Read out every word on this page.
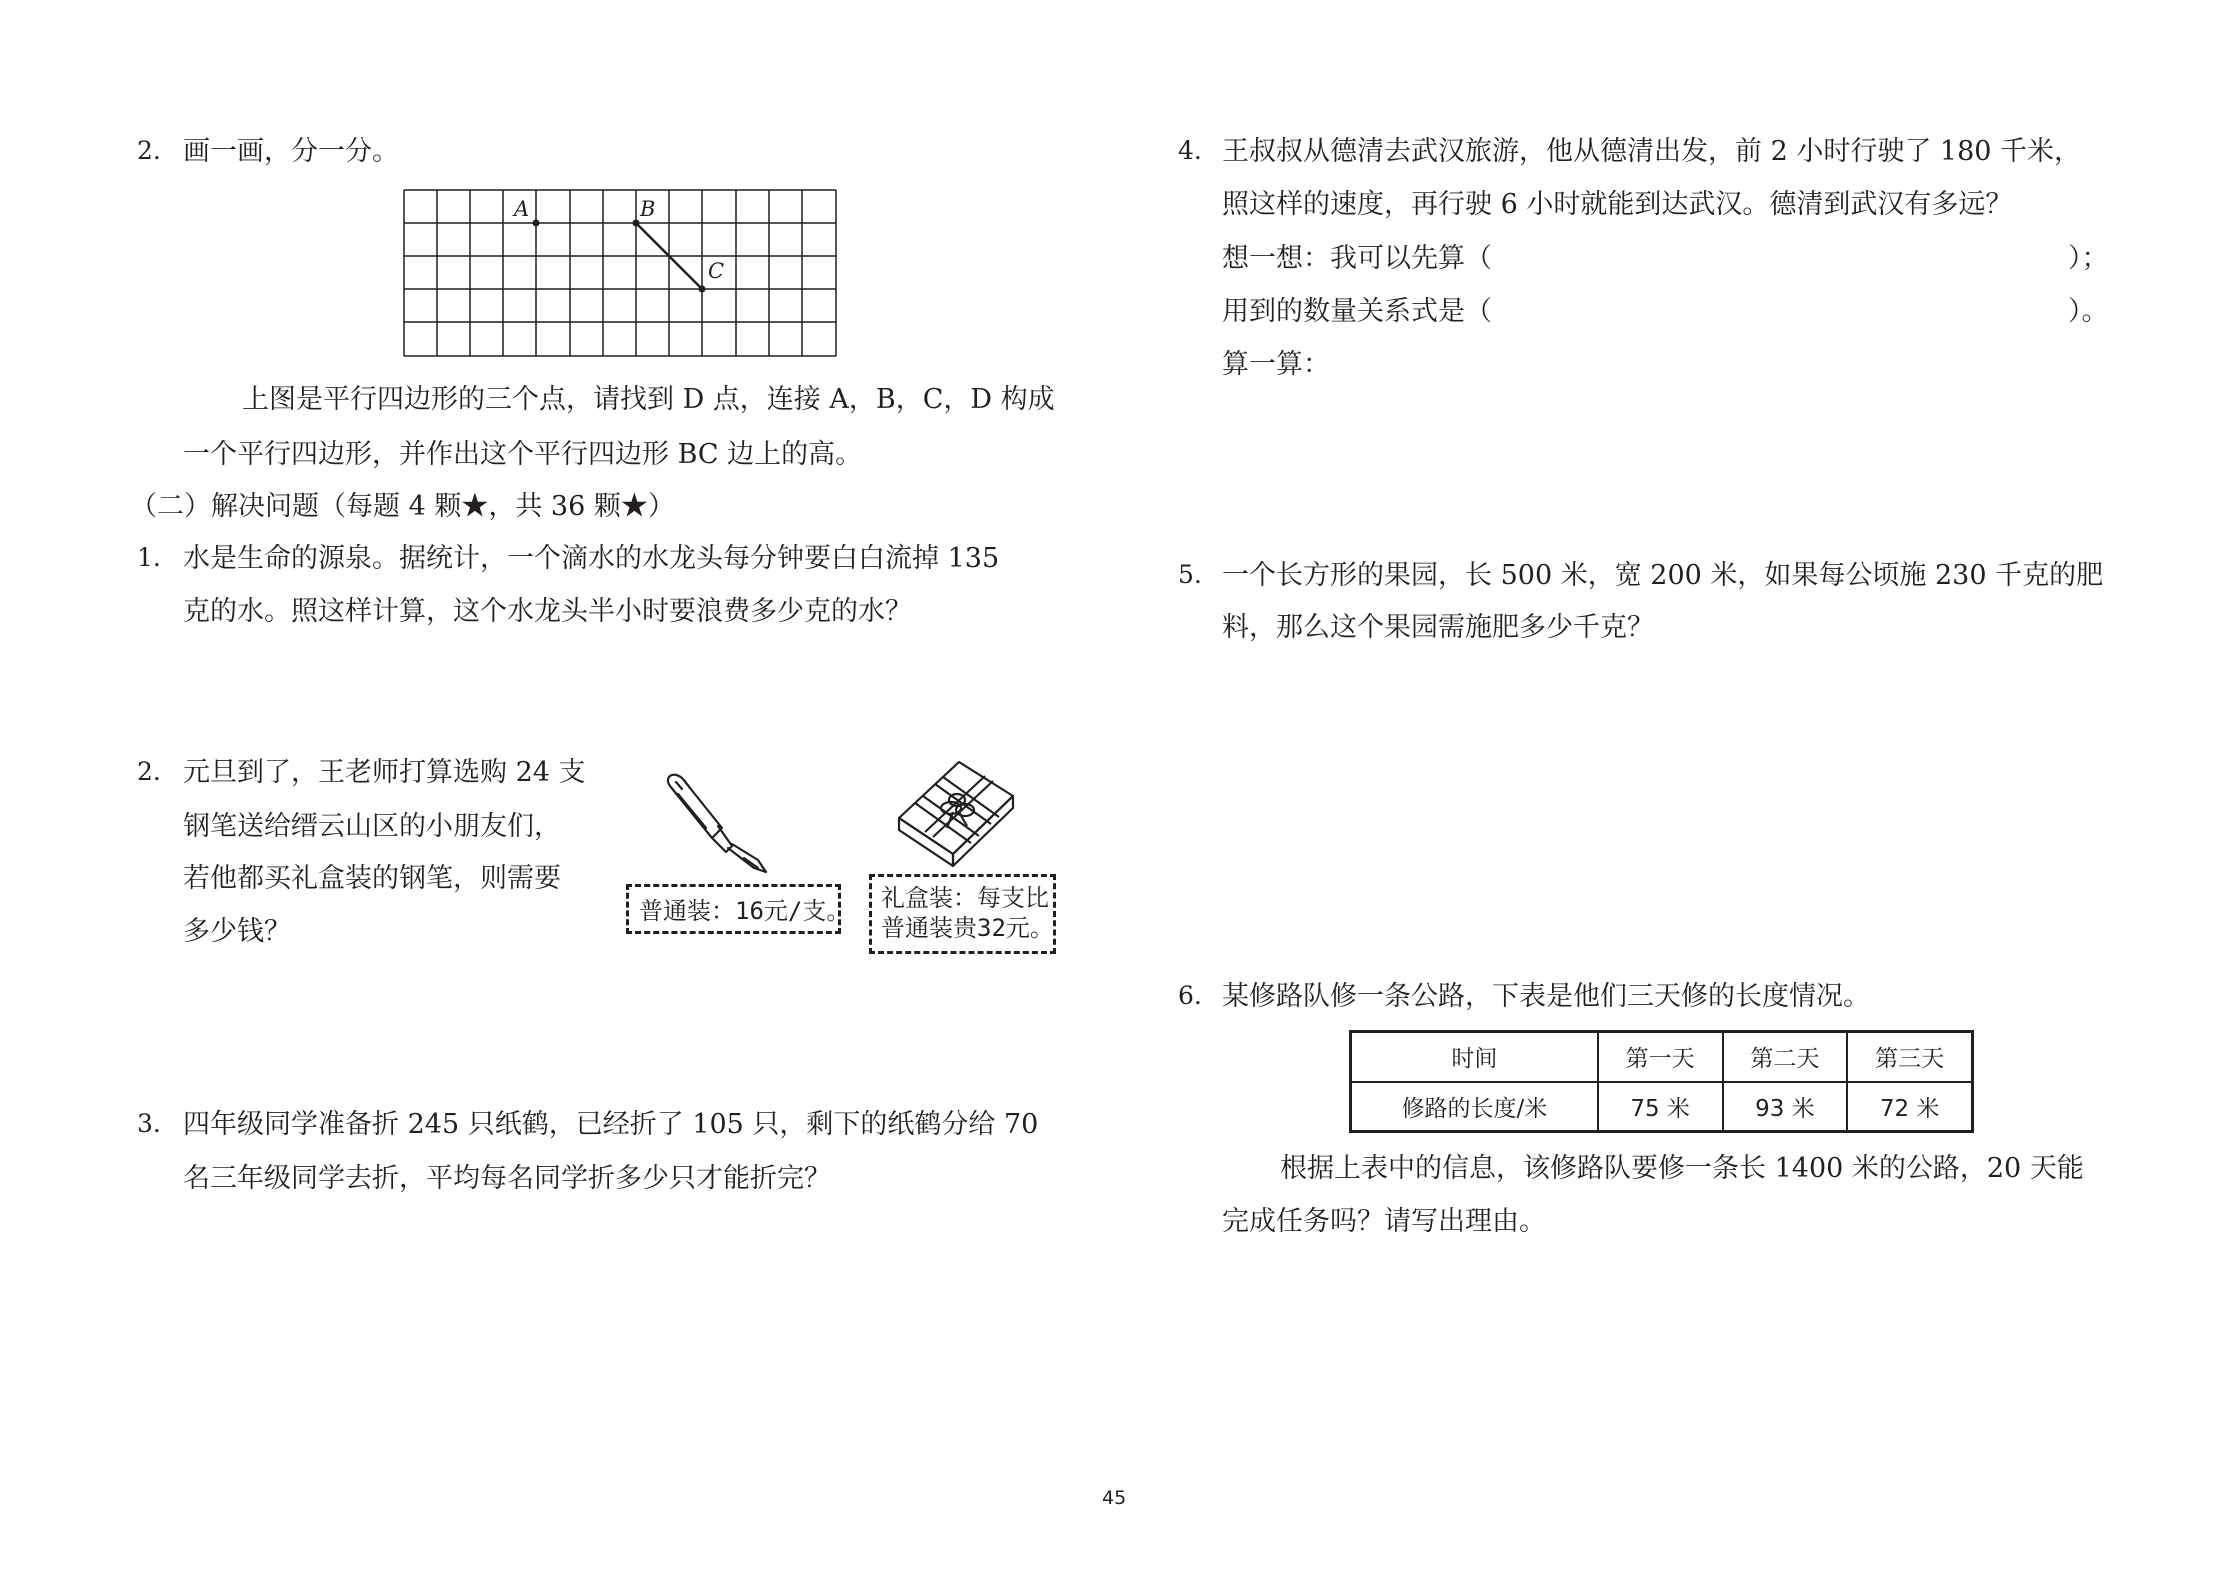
2. 画一画，分一分。
A	B
C
上图是平行四边形的三个点，请找到 D 点，连接 A，B，C，D 构成
一个平行四边形，并作出这个平行四边形 BC 边上的高。
（二）解决问题（每题 4 颗★，共 36 颗★）
1. 水是生命的源泉。据统计，一个滴水的水龙头每分钟要白白流掉 135
克的水。照这样计算，这个水龙头半小时要浪费多少克的水？
2. 元旦到了，王老师打算选购 24 支
钢笔送给缙云山区的小朋友们，
若他都买礼盒装的钢笔，则需要
多少钱？
普通装：16元/支。 礼盒装：每支比
普通装贵32元。
3. 四年级同学准备折 245 只纸鹤，已经折了 105 只，剩下的纸鹤分给 70
名三年级同学去折，平均每名同学折多少只才能折完？
4. 王叔叔从德清去武汉旅游，他从德清出发，前 2 小时行驶了 180 千米，
照这样的速度，再行驶 6 小时就能到达武汉。德清到武汉有多远？
想一想：我可以先算（	）；
用到的数量关系式是（	）。
算一算：
5. 一个长方形的果园，长 500 米，宽 200 米，如果每公顷施 230 千克的肥
料，那么这个果园需施肥多少千克？
6. 某修路队修一条公路，下表是他们三天修的长度情况。
时间	第一天	第二天	第三天
修路的长度/米	75 米	93 米	72 米
根据上表中的信息，该修路队要修一条长 1400 米的公路，20 天能
完成任务吗？请写出理由。
45
